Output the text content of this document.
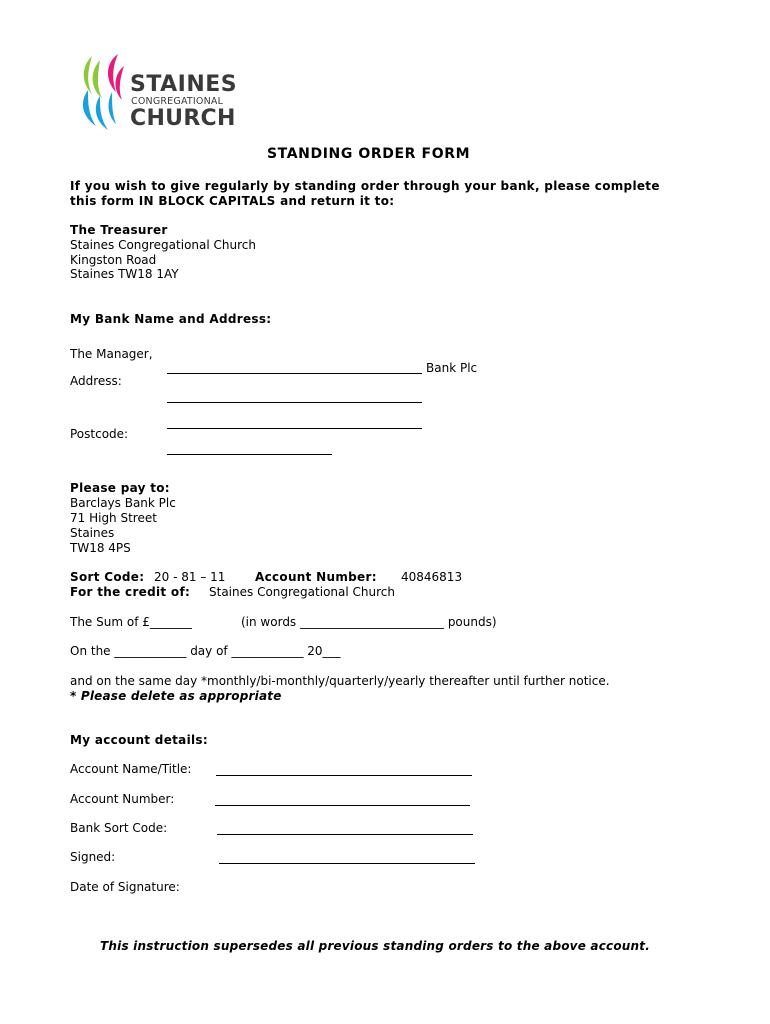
STAINES
CONGREGATIONAL
CHURCH
STANDING ORDER FORM
If you wish to give regularly by standing order through your bank, please complete
this form IN BLOCK CAPITALS and return it to:
The Treasurer
Staines Congregational Church
Kingston Road
Staines TW18 1AY
My Bank Name and Address:
The Manager,
Bank Plc
Address:
Postcode:
Please pay to:
Barclays Bank Plc
71 High Street
Staines
TW18 4PS
Sort Code: 20 - 81 – 11 Account Number: 40846813
For the credit of: Staines Congregational Church
The Sum of £_______	(in words ________________________ pounds)
On the ____________ day of ____________ 20___
and on the same day *monthly/bi-monthly/quarterly/yearly thereafter until further notice.
* Please delete as appropriate
My account details:
Account Name/Title:
Account Number:
Bank Sort Code:
Signed:
Date of Signature:
This instruction supersedes all previous standing orders to the above account.
